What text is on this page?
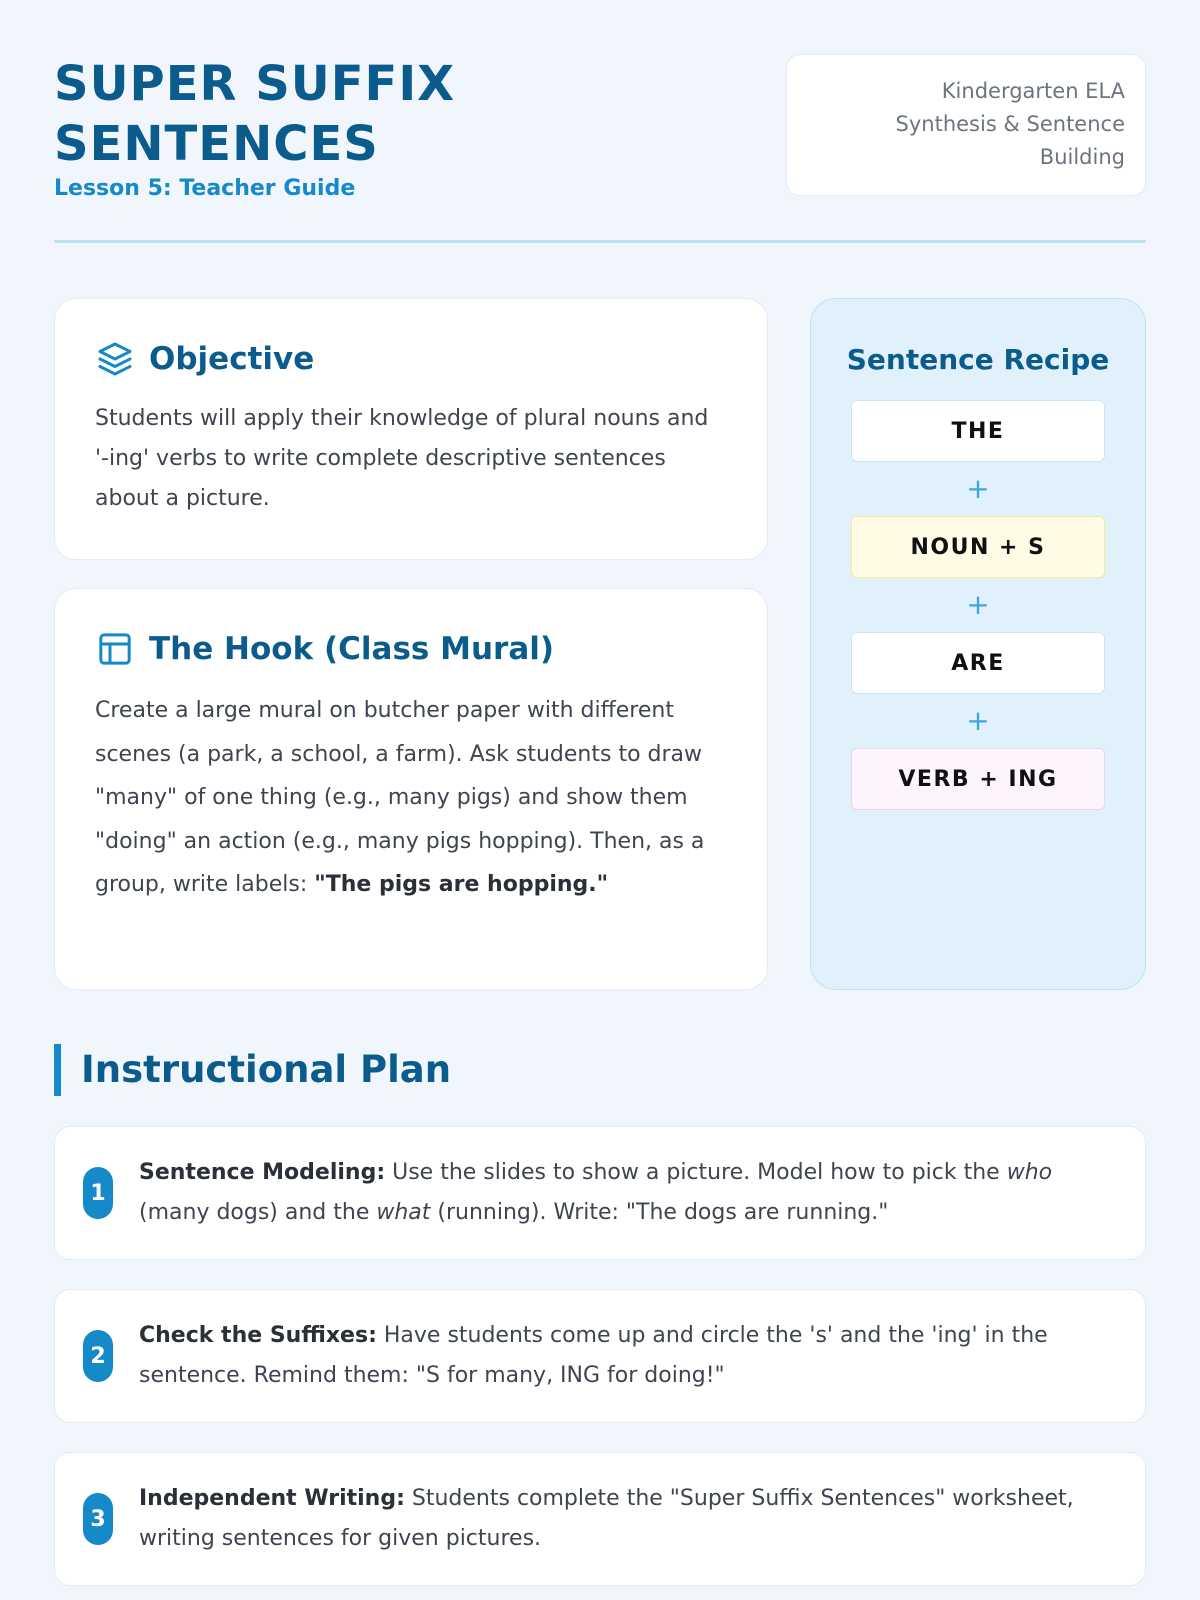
SUPER SUFFIX SENTENCES
Lesson 5: Teacher Guide
Kindergarten ELA
Synthesis & Sentence
Building
Objective

Students will apply their knowledge of plural nouns and '-ing' verbs to write complete descriptive sentences about a picture.

The Hook (Class Mural)

Create a large mural on butcher paper with different scenes (a park, a school, a farm). Ask students to draw "many" of one thing (e.g., many pigs) and show them "doing" an action (e.g., many pigs hopping). Then, as a group, write labels: "The pigs are hopping."

Sentence Recipe
THE
+
NOUN + S
+
ARE
+
VERB + ING
Instructional Plan
1

Sentence Modeling: Use the slides to show a picture. Model how to pick the who (many dogs) and the what (running). Write: "The dogs are running."

2

Check the Suffixes: Have students come up and circle the 's' and the 'ing' in the sentence. Remind them: "S for many, ING for doing!"

3

Independent Writing: Students complete the "Super Suffix Sentences" worksheet, writing sentences for given pictures.
